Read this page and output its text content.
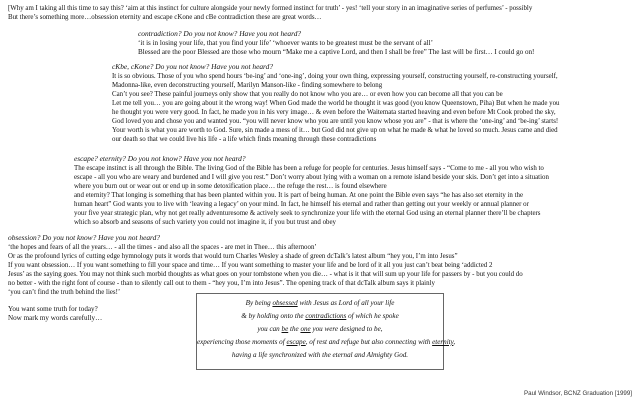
[Why am I taking all this time to say this? ‘aim at this instinct for culture alongside your newly formed instinct for truth’ - yes! ‘tell your story in an imaginative series of perfumes’ - possibly
But there’s something more…obsession eternity and escape cKone and cBe contradiction these are great words…
contradiction? Do you not know? Have you not heard?
‘it is in losing your life, that you find your life’ ‘whoever wants to be greatest must be the servant of all’
Blessed are the poor Blessed are those who mourn “Make me a captive Lord, and then I shall be free” The last will be first… I could go on!
cKbe, cKone? Do you not know? Have you not heard?
It is so obvious. Those of you who spend hours ‘be-ing’ and ‘one-ing’, doing your own thing, expressing yourself, constructing yourself, re-constructing yourself,
Madonna-like, even deconstructing yourself, Marilyn Manson-like - finding somewhere to belong
Can’t you see? These painful journeys only show that you really do not know who you are… or even how you can become all that you can be
Let me tell you… you are going about it the wrong way! When God made the world he thought it was good (you know Queenstown, Piha) But when he made you
he thought you were very good. In fact, he made you in his very image… & even before the Waitemata started heaving and even before Mt Cook probed the sky,
God loved you and chose you and wanted you. “you will never know who you are until you know whose you are” - that is where the ‘one-ing’ and ‘be-ing’ starts!
Your worth is what you are worth to God. Sure, sin made a mess of it… but God did not give up on what he made & what he loved so much. Jesus came and died
our death so that we could live his life - a life which finds meaning through these contradictions
escape? eternity? Do you not know? Have you not heard?
The escape instinct is all through the Bible. The living God of the Bible has been a refuge for people for centuries. Jesus himself says - “Come to me - all you who wish to
escape - all you who are weary and burdened and I will give you rest.” Don’t worry about lying with a woman on a remote island beside your skis. Don’t get into a situation
where you burn out or wear out or end up in some detoxification place… the refuge the rest… is found elsewhere
and eternity? That longing is something that has been planted within you. It is part of being human. At one point the Bible even says “he has also set eternity in the
human heart” God wants you to live with ‘leaving a legacy’ on your mind. In fact, he himself his eternal and rather than getting out your weekly or annual planner or
your five year strategic plan, why not get really adventuresome & actively seek to synchronize your life with the eternal God using an eternal planner there’ll be chapters
which so absorb and seasons of such variety you could not imagine it, if you but trust and obey
obsession? Do you not know? Have you not heard?
‘the hopes and fears of all the years… - all the times - and also all the spaces - are met in Thee… this afternoon’
Or as the profound lyrics of cutting edge hymnology puts it words that would turn Charles Wesley a shade of green dcTalk’s latest album “hey you, I’m into Jesus”
If you want obsession… If you want something to fill your space and time… If you want something to master your life and be lord of it all you just can’t beat being ‘addicted 2
Jesus’ as the saying goes. You may not think such morbid thoughts as what goes on your tombstone when you die… - what is it that will sum up your life for passers by - but you could do
no better - with the right font of course - than to silently call out to them - “hey you, I’m into Jesus”. The opening track of that dcTalk album says it plainly
‘you can’t find the truth behind the lies!’
You want some truth for today?
Now mark my words carefully…
By being obsessed with Jesus as Lord of all your life
& by holding onto the contradictions of which he spoke
you can be the one you were designed to be,
experiencing those moments of escape, of rest and refuge but also connecting with eternity,
having a life synchronized with the eternal and Almighty God.
Paul Windsor, BCNZ Graduation [1999]
